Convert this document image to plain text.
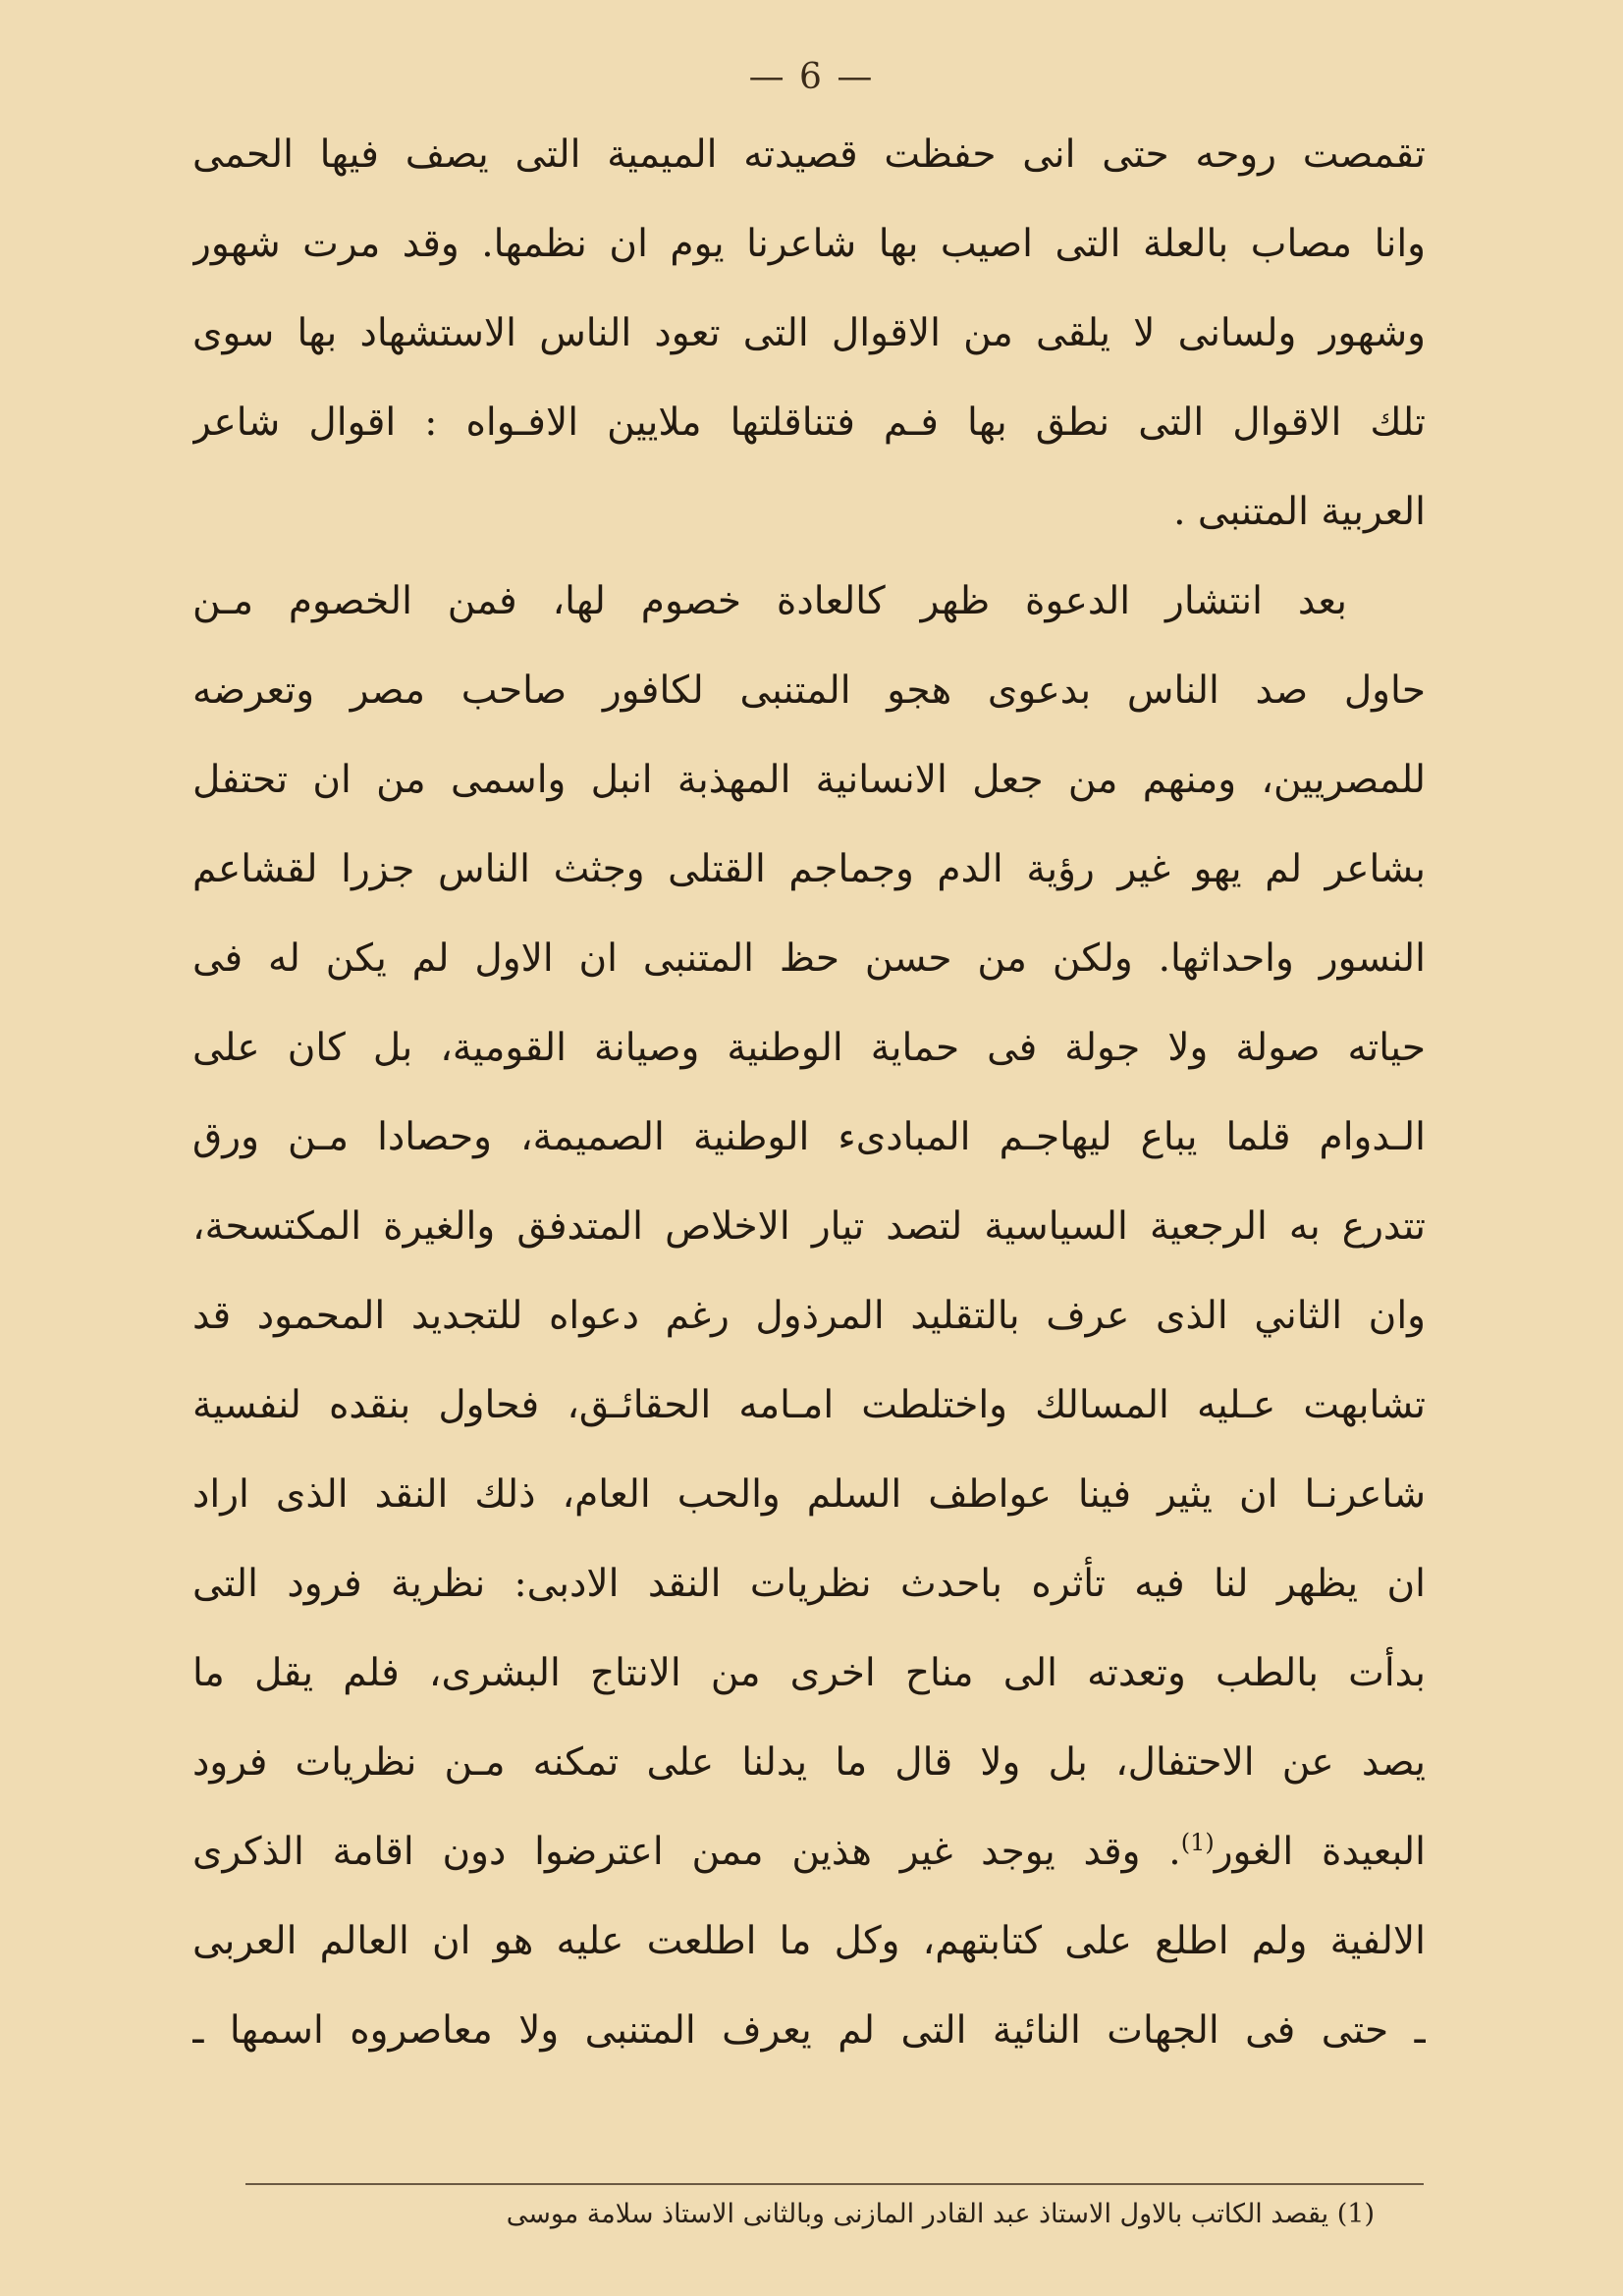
— 6 —
تقمصت روحه حتى انى حفظت قصيدته الميمية التى يصف فيها الحمى
وانا مصاب بالعلة التى اصيب بها شاعرنا يوم ان نظمها. وقد مرت شهور
وشهور ولسانى لا يلقى من الاقوال التى تعود الناس الاستشهاد بها سوى
تلك الاقوال التى نطق بها فـم فتناقلتها ملايين الافـواه : اقوال شاعر
العربية المتنبى .
بعد انتشار الدعوة ظهر كالعادة خصوم لها، فمن الخصوم مـن
حاول صد الناس بدعوى هجو المتنبى لكافور صاحب مصر وتعرضه
للمصريين، ومنهم من جعل الانسانية المهذبة انبل واسمى من ان تحتفل
بشاعر لم يهو غير رؤية الدم وجماجم القتلى وجثث الناس جزرا لقشاعم
النسور واحداثها. ولكن من حسن حظ المتنبى ان الاول لم يكن له فى
حياته صولة ولا جولة فى حماية الوطنية وصيانة القومية، بل كان على
الـدوام قلما يباع ليهاجـم المبادىء الوطنية الصميمة، وحصادا مـن ورق
تتدرع به الرجعية السياسية لتصد تيار الاخلاص المتدفق والغيرة المكتسحة،
وان الثاني الذى عرف بالتقليد المرذول رغم دعواه للتجديد المحمود قد
تشابهت عـليه المسالك واختلطت امـامه الحقائـق، فحاول بنقده لنفسية
شاعرنـا ان يثير فينا عواطف السلم والحب العام، ذلك النقد الذى اراد
ان يظهر لنا فيه تأثره باحدث نظريات النقد الادبى: نظرية فرود التى
بدأت بالطب وتعدته الى مناح اخرى من الانتاج البشرى، فلم يقل ما
يصد عن الاحتفال، بل ولا قال ما يدلنا على تمكنه مـن نظريات فرود
البعيدة الغور$^{(1)}$. وقد يوجد غير هذين ممن اعترضوا دون اقامة الذكرى
الالفية ولم اطلع على كتابتهم، وكل ما اطلعت عليه هو ان العالم العربى
ـ حتى فى الجهات النائية التى لم يعرف المتنبى ولا معاصروه اسمها ـ
(1) يقصد الكاتب بالاول الاستاذ عبد القادر المازنى وبالثانى الاستاذ سلامة موسى
